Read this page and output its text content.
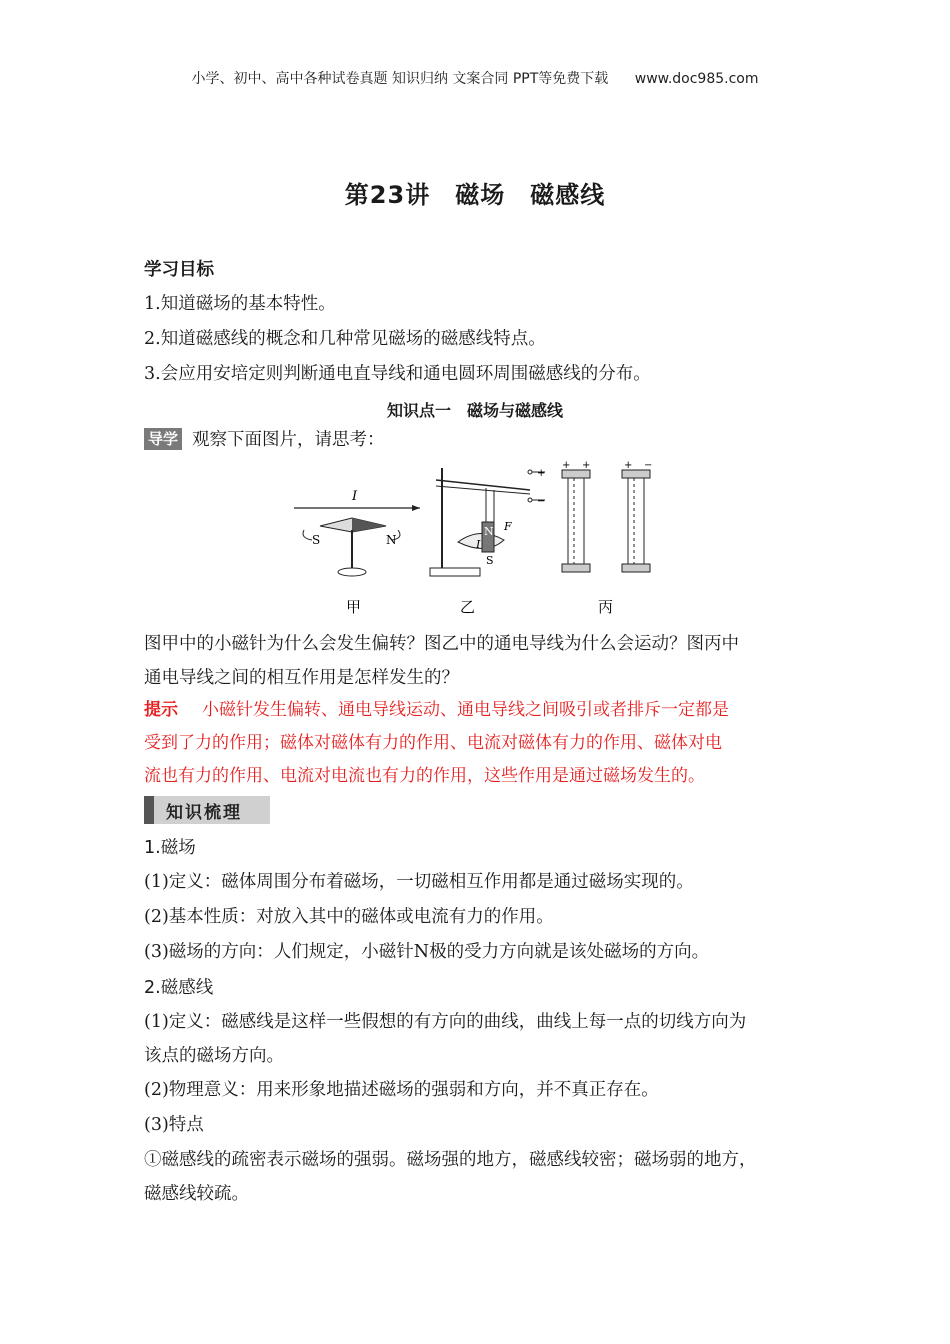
小学、初中、高中各种试卷真题 知识归纳 文案合同 PPT等免费下载 www.doc985.com
第23讲　磁场　磁感线
学习目标
1.知道磁场的基本特性。
2.知道磁感线的概念和几种常见磁场的磁感线特点。
3.会应用安培定则判断通电直导线和通电圆环周围磁感线的分布。
知识点一　磁场与磁感线
导学 观察下面图片，请思考：
I
S	N
+
−
N
S
F
I
+ +	+ −
甲	乙	丙
图甲中的小磁针为什么会发生偏转？图乙中的通电导线为什么会运动？图丙中
通电导线之间的相互作用是怎样发生的？
提示 小磁针发生偏转、通电导线运动、通电导线之间吸引或者排斥一定都是
受到了力的作用；磁体对磁体有力的作用、电流对磁体有力的作用、磁体对电
流也有力的作用、电流对电流也有力的作用，这些作用是通过磁场发生的。
知识梳理
1.磁场
(1)定义：磁体周围分布着磁场，一切磁相互作用都是通过磁场实现的。
(2)基本性质：对放入其中的磁体或电流有力的作用。
(3)磁场的方向：人们规定，小磁针N极的受力方向就是该处磁场的方向。
2.磁感线
(1)定义：磁感线是这样一些假想的有方向的曲线，曲线上每一点的切线方向为
该点的磁场方向。
(2)物理意义：用来形象地描述磁场的强弱和方向，并不真正存在。
(3)特点
①磁感线的疏密表示磁场的强弱。磁场强的地方，磁感线较密；磁场弱的地方，
磁感线较疏。
